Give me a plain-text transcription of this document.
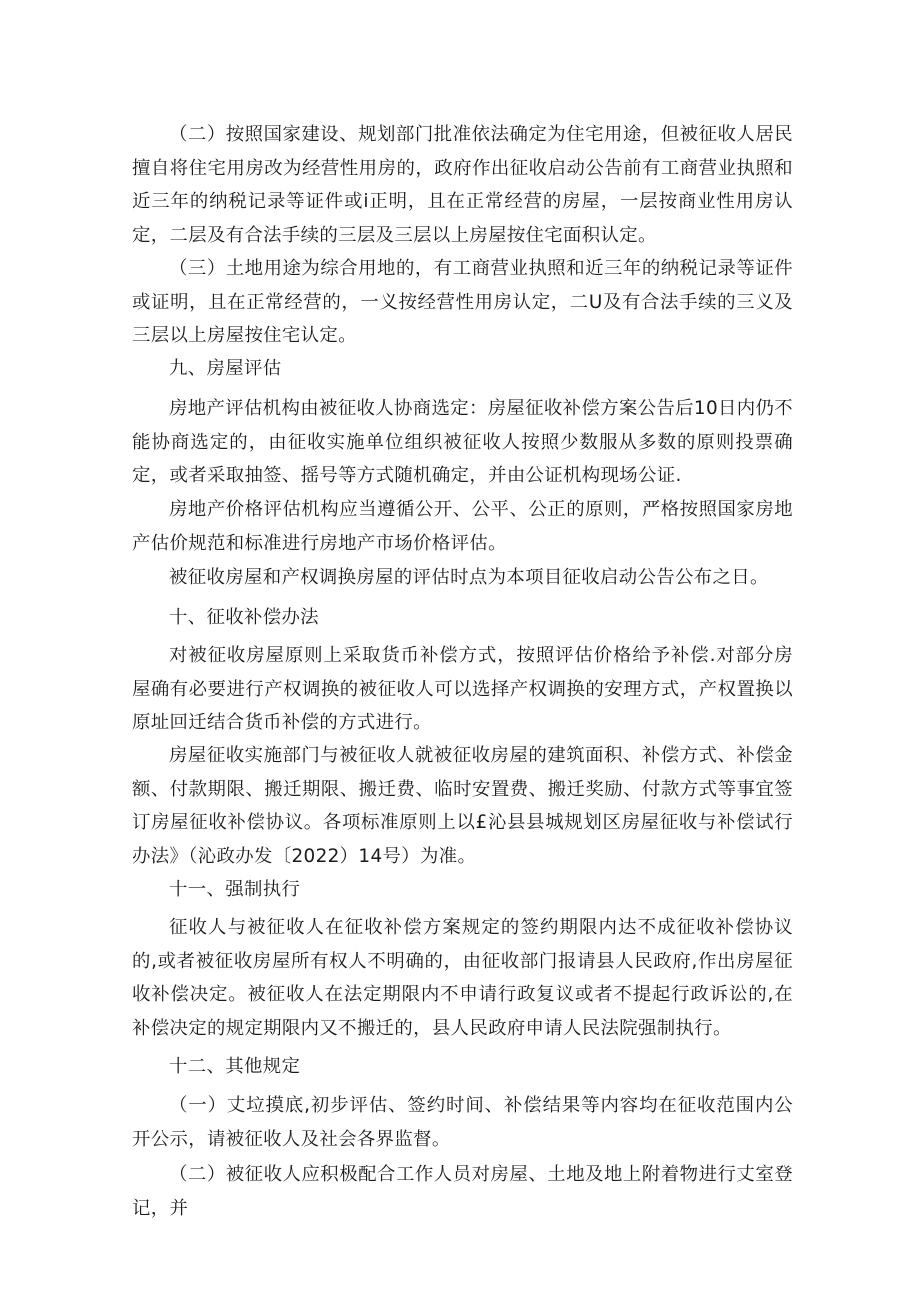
（二）按照国家建设、规划部门批准依法确定为住宅用途，但被征收人居民擅自将住宅用房改为经营性用房的，政府作出征收启动公告前有工商营业执照和近三年的纳税记录等证件或i正明，且在正常经营的房屋，一层按商业性用房认定，二层及有合法手续的三层及三层以上房屋按住宅面积认定。

（三）土地用途为综合用地的，有工商营业执照和近三年的纳税记录等证件或证明，且在正常经营的，一义按经营性用房认定，二U及有合法手续的三义及三层以上房屋按住宅认定。

九、房屋评估

房地产评估机构由被征收人协商选定：房屋征收补偿方案公告后10日内仍不能协商选定的，由征收实施单位组织被征收人按照少数服从多数的原则投票确定，或者采取抽签、摇号等方式随机确定，并由公证机构现场公证.

房地产价格评估机构应当遵循公开、公平、公正的原则，严格按照国家房地产估价规范和标准进行房地产市场价格评估。

被征收房屋和产权调换房屋的评估时点为本项目征收启动公告公布之日。

十、征收补偿办法

对被征收房屋原则上采取货币补偿方式，按照评估价格给予补偿.对部分房屋确有必要进行产权调换的被征收人可以选择产权调换的安理方式，产权置换以原址回迁结合货币补偿的方式进行。

房屋征收实施部门与被征收人就被征收房屋的建筑面积、补偿方式、补偿金额、付款期限、搬迁期限、搬迁费、临时安置费、搬迁奖励、付款方式等事宜签订房屋征收补偿协议。各项标准原则上以£沁县县城规划区房屋征收与补偿试行办法》（沁政办发〔2022）14号）为准。

十一、强制执行

征收人与被征收人在征收补偿方案规定的签约期限内达不成征收补偿协议的,或者被征收房屋所有权人不明确的，由征收部门报请县人民政府,作出房屋征收补偿决定。被征收人在法定期限内不申请行政复议或者不提起行政诉讼的,在补偿决定的规定期限内又不搬迁的，县人民政府申请人民法院强制执行。

十二、其他规定

（一）丈垃摸底,初步评估、签约时间、补偿结果等内容均在征收范围内公开公示，请被征收人及社会各界监督。

（二）被征收人应积极配合工作人员对房屋、土地及地上附着物进行丈室登记，并
